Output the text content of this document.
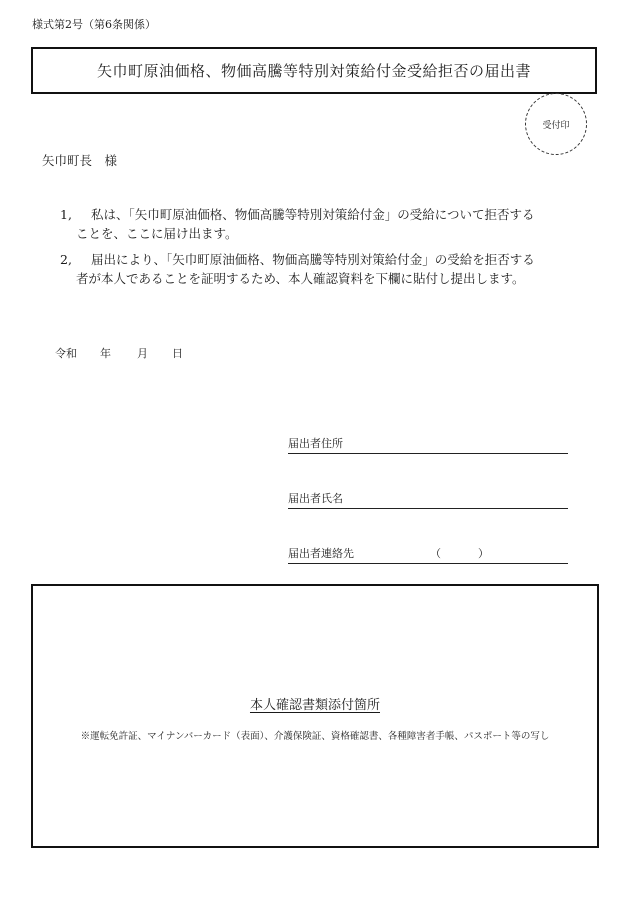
様式第2号（第6条関係）
矢巾町原油価格、物価高騰等特別対策給付金受給拒否の届出書
受付印
矢巾町長　様
1, 私は、「矢巾町原油価格、物価高騰等特別対策給付金」の受給について拒否する
ことを、ここに届け出ます。
2, 届出により、「矢巾町原油価格、物価高騰等特別対策給付金」の受給を拒否する
者が本人であることを証明するため、本人確認資料を下欄に貼付し提出します。
令和	年	月	日
届出者住所
届出者氏名
届出者連絡先	（	）
本人確認書類添付箇所
※運転免許証、マイナンバーカード（表面）、介護保険証、資格確認書、各種障害者手帳、パスポート等の写し
